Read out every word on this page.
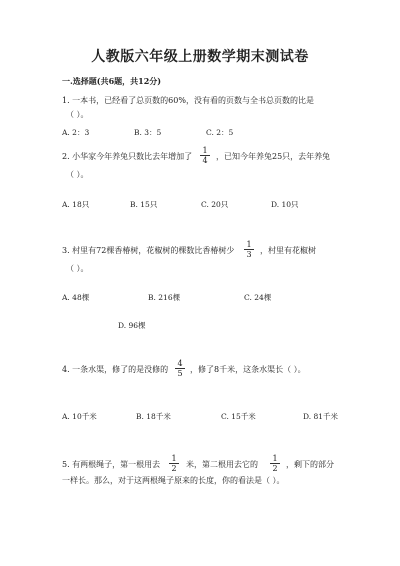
人教版六年级上册数学期末测试卷
一.选择题(共6题，共12分)
1. 一本书，已经看了总页数的60%，没有看的页数与全书总页数的比是
（ ）。
A. 2：3	B. 3：5	C. 2：5
2. 小华家今年养兔只数比去年增加了 $\frac{1}{4}$ ，已知今年养兔25只，去年养兔
（ ）。
A. 18只	B. 15只	C. 20只	D. 10只
3. 村里有72棵香椿树，花椒树的棵数比香椿树少 $\frac{1}{3}$ ，村里有花椒树
（ ）。
A. 48棵	B. 216棵	C. 24棵
D. 96棵
4. 一条水渠，修了的是没修的 $\frac{4}{5}$ ，修了8千米，这条水渠长（ ）。
A. 10千米	B. 18千米	C. 15千米	D. 81千米
5. 有两根绳子，第一根用去 $\frac{1}{2}$ 米，第二根用去它的 $\frac{1}{2}$ ，剩下的部分
一样长。那么，对于这两根绳子原来的长度，你的看法是（ ）。
